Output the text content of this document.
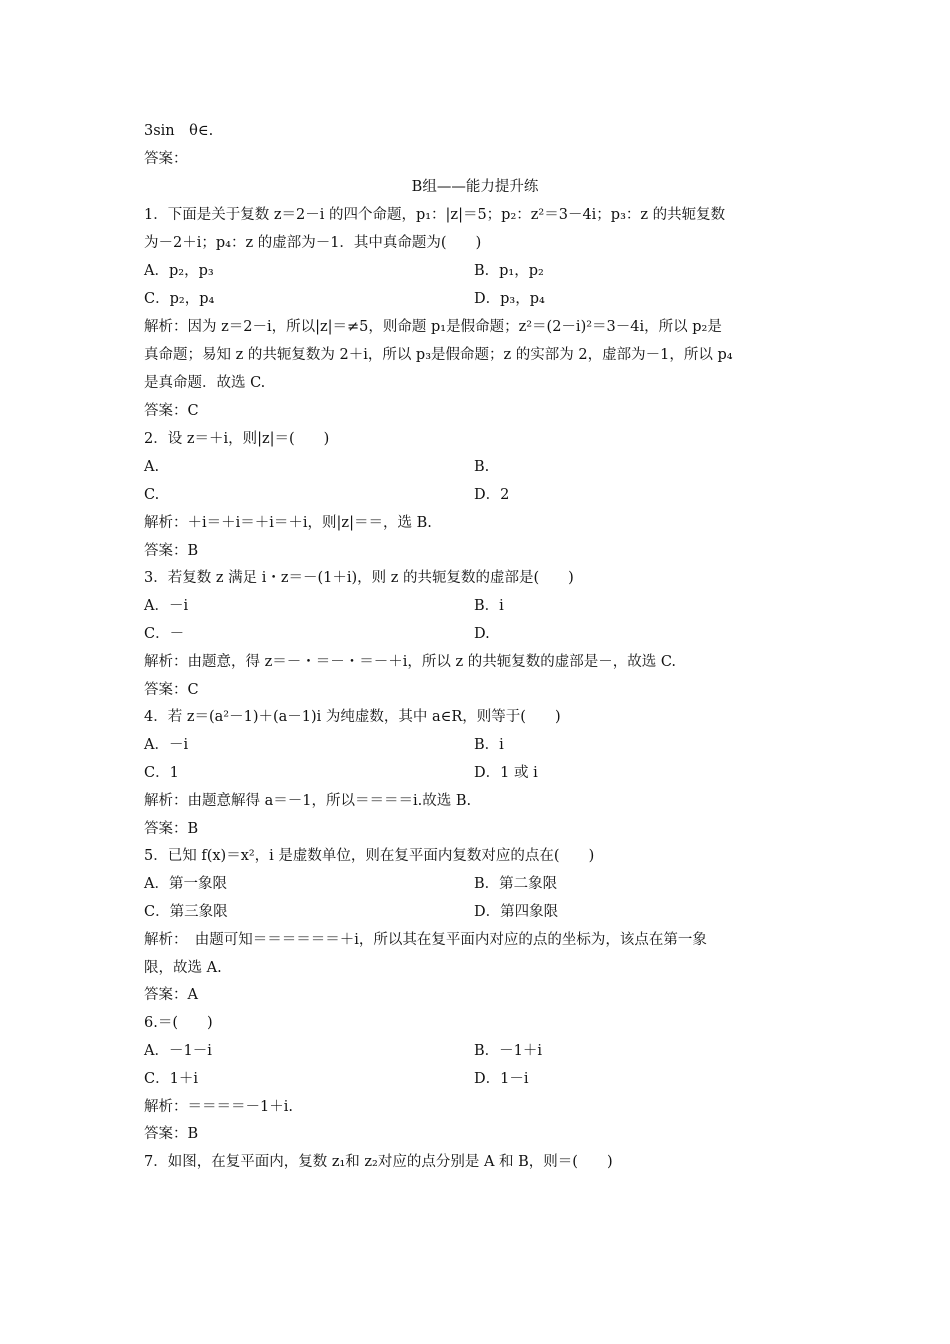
3sin　θ∈.
答案：
B组——能力提升练
1．下面是关于复数 z＝2－i 的四个命题，p₁：|z|＝5；p₂：z²＝3－4i；p₃：z 的共轭复数
为－2＋i；p₄：z 的虚部为－1．其中真命题为(　　)
A．p₂，p₃	B．p₁，p₂
C．p₂，p₄	D．p₃，p₄
解析：因为 z＝2－i，所以|z|＝≠5，则命题 p₁是假命题；z²＝(2－i)²＝3－4i，所以 p₂是
真命题；易知 z 的共轭复数为 2＋i，所以 p₃是假命题；z 的实部为 2，虚部为－1，所以 p₄
是真命题．故选 C.
答案：C
2．设 z＝＋i，则|z|＝(　　)
A.	B.
C.	D．2
解析：＋i＝＋i＝＋i＝＋i，则|z|＝＝，选 B.
答案：B
3．若复数 z 满足 i・z＝－(1＋i)，则 z 的共轭复数的虚部是(　　)
A．－i	B．i
C．－	D.
解析：由题意，得 z＝－・＝－・＝－＋i，所以 z 的共轭复数的虚部是－，故选 C.
答案：C
4．若 z＝(a²－1)＋(a－1)i 为纯虚数，其中 a∈R，则等于(　　)
A．－i	B．i
C．1	D．1 或 i
解析：由题意解得 a＝－1，所以＝＝＝＝i.故选 B.
答案：B
5．已知 f(x)＝x²，i 是虚数单位，则在复平面内复数对应的点在(　　)
A．第一象限	B．第二象限
C．第三象限	D．第四象限
解析：　由题可知＝＝＝＝＝＝＋i，所以其在复平面内对应的点的坐标为，该点在第一象
限，故选 A.
答案：A
6.＝(　　)
A．－1－i	B．－1＋i
C．1＋i	D．1－i
解析：＝＝＝＝－1＋i.
答案：B
7．如图，在复平面内，复数 z₁和 z₂对应的点分别是 A 和 B，则＝(　　)
